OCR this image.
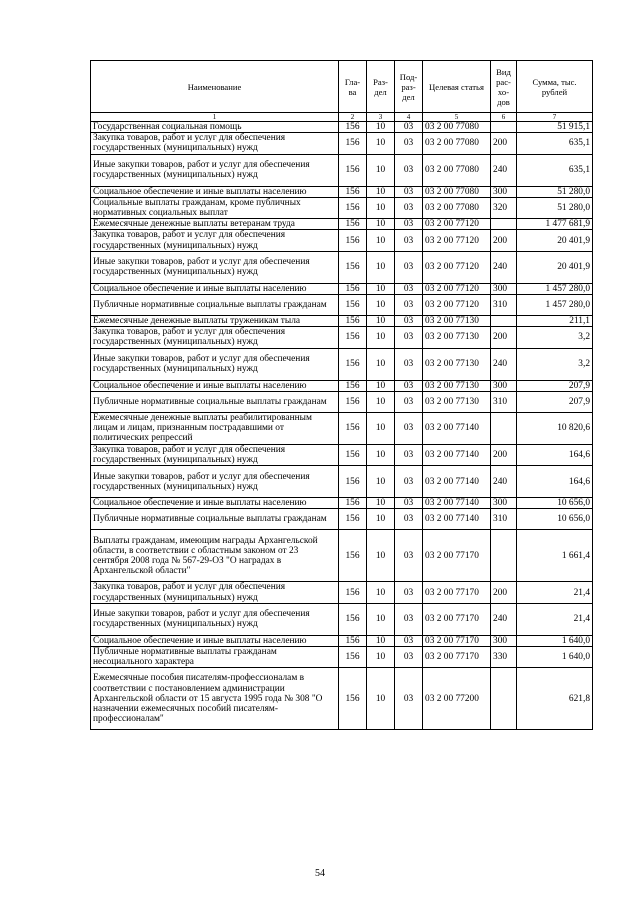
Наименование	Гла-ва	Раз-дел	Под-раз-дел	Целевая статья	Вид рас-хо-дов	Сумма, тыс. рублей
1	2	3	4	5	6	7
Государственная социальная помощь	156	10	03	03 2 00 77080		51 915,1
Закупка товаров, работ и услуг для обеспечения государственных (муниципальных) нужд	156	10	03	03 2 00 77080	200	635,1
Иные закупки товаров, работ и услуг для обеспечения государственных (муниципальных) нужд	156	10	03	03 2 00 77080	240	635,1
Социальное обеспечение и иные выплаты населению	156	10	03	03 2 00 77080	300	51 280,0
Социальные выплаты гражданам, кроме публичных нормативных социальных выплат	156	10	03	03 2 00 77080	320	51 280,0
Ежемесячные денежные выплаты ветеранам труда	156	10	03	03 2 00 77120		1 477 681,9
Закупка товаров, работ и услуг для обеспечения государственных (муниципальных) нужд	156	10	03	03 2 00 77120	200	20 401,9
Иные закупки товаров, работ и услуг для обеспечения государственных (муниципальных) нужд	156	10	03	03 2 00 77120	240	20 401,9
Социальное обеспечение и иные выплаты населению	156	10	03	03 2 00 77120	300	1 457 280,0
Публичные нормативные социальные выплаты гражданам	156	10	03	03 2 00 77120	310	1 457 280,0
Ежемесячные денежные выплаты труженикам тыла	156	10	03	03 2 00 77130		211,1
Закупка товаров, работ и услуг для обеспечения государственных (муниципальных) нужд	156	10	03	03 2 00 77130	200	3,2
Иные закупки товаров, работ и услуг для обеспечения государственных (муниципальных) нужд	156	10	03	03 2 00 77130	240	3,2
Социальное обеспечение и иные выплаты населению	156	10	03	03 2 00 77130	300	207,9
Публичные нормативные социальные выплаты гражданам	156	10	03	03 2 00 77130	310	207,9
Ежемесячные денежные выплаты реабилитированным лицам и лицам, признанным пострадавшими от политических репрессий	156	10	03	03 2 00 77140		10 820,6
Закупка товаров, работ и услуг для обеспечения государственных (муниципальных) нужд	156	10	03	03 2 00 77140	200	164,6
Иные закупки товаров, работ и услуг для обеспечения государственных (муниципальных) нужд	156	10	03	03 2 00 77140	240	164,6
Социальное обеспечение и иные выплаты населению	156	10	03	03 2 00 77140	300	10 656,0
Публичные нормативные социальные выплаты гражданам	156	10	03	03 2 00 77140	310	10 656,0
Выплаты гражданам, имеющим награды Архангельской области, в соответствии с областным законом от 23 сентября 2008 года № 567-29-ОЗ "О наградах в Архангельской области"	156	10	03	03 2 00 77170		1 661,4
Закупка товаров, работ и услуг для обеспечения государственных (муниципальных) нужд	156	10	03	03 2 00 77170	200	21,4
Иные закупки товаров, работ и услуг для обеспечения государственных (муниципальных) нужд	156	10	03	03 2 00 77170	240	21,4
Социальное обеспечение и иные выплаты населению	156	10	03	03 2 00 77170	300	1 640,0
Публичные нормативные выплаты гражданам несоциального характера	156	10	03	03 2 00 77170	330	1 640,0
Ежемесячные пособия писателям-профессионалам в соответствии с постановлением администрации Архангельской области от 15 августа 1995 года № 308 "О назначении ежемесячных пособий писателям-профессионалам"	156	10	03	03 2 00 77200		621,8
54
